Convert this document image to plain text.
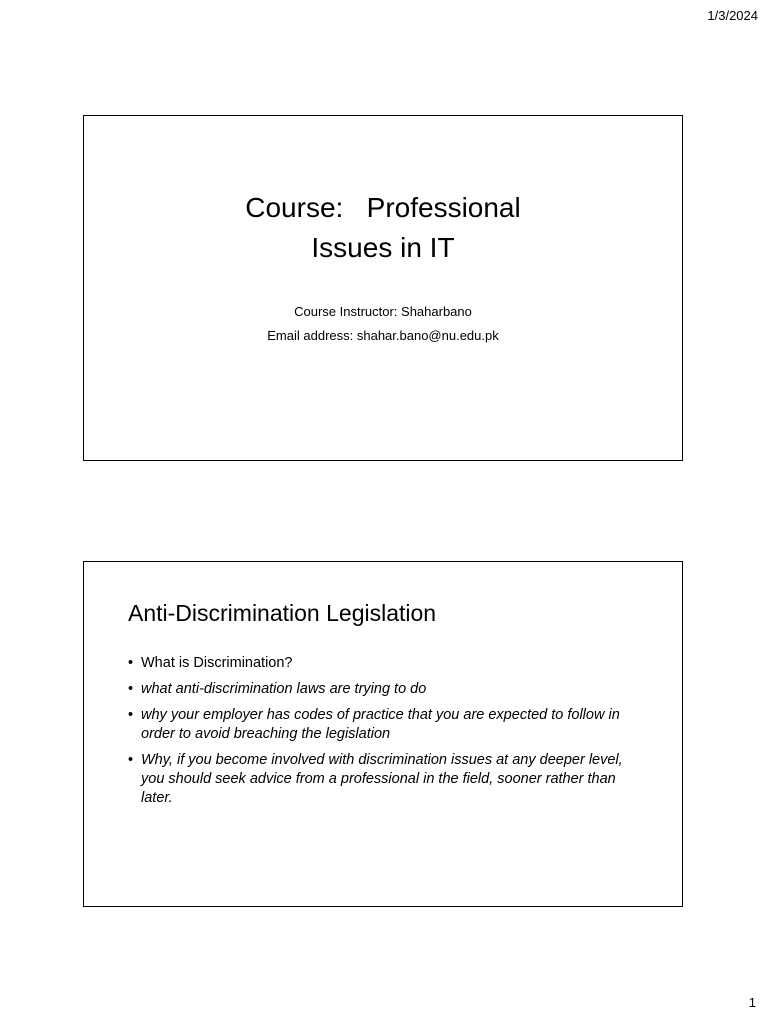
1/3/2024
Course:   Professional
Issues in IT
Course Instructor: Shaharbano
Email address: shahar.bano@nu.edu.pk
Anti-Discrimination Legislation
• What is Discrimination?
• what anti-discrimination laws are trying to do
• why your employer has codes of practice that you are expected to follow in order to avoid breaching the legislation
• Why, if you become involved with discrimination issues at any deeper level, you should seek advice from a professional in the field, sooner rather than later.
1
